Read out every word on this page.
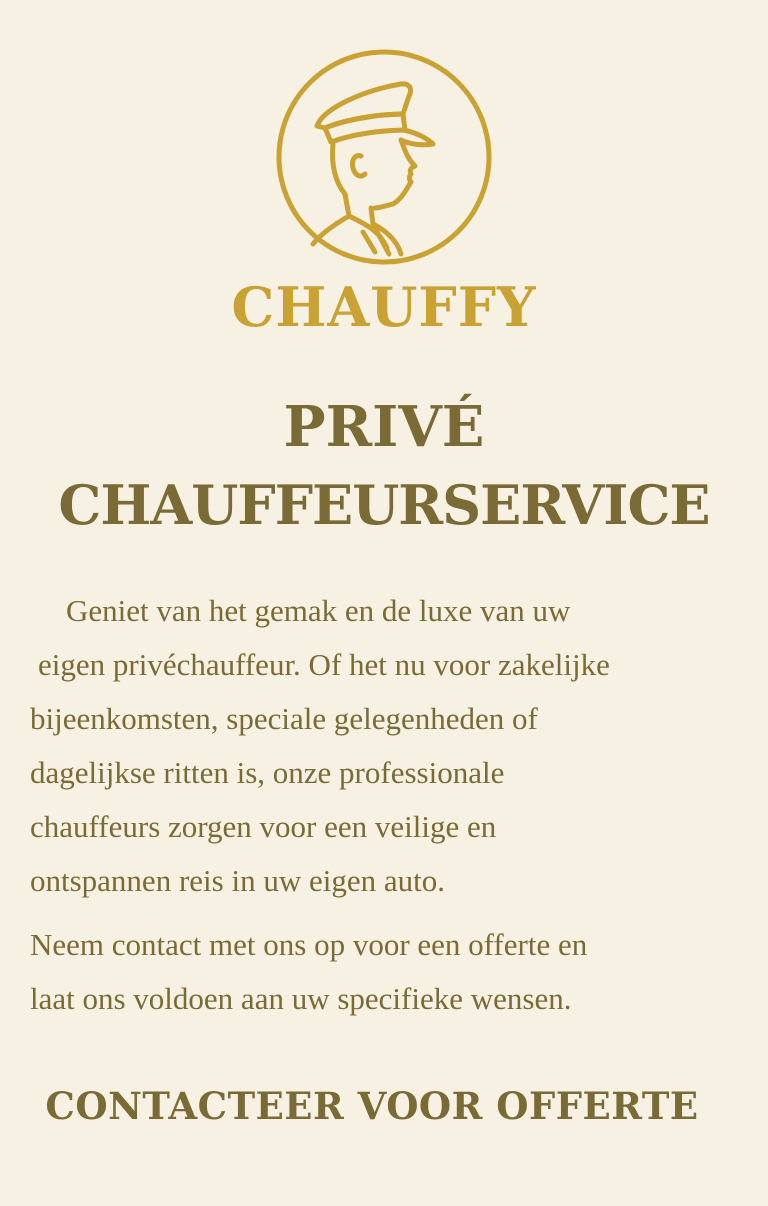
CHAUFFY
PRIVÉ
CHAUFFEURSERVICE
Geniet van het gemak en de luxe van uw
eigen privéchauffeur. Of het nu voor zakelijke
bijeenkomsten, speciale gelegenheden of
dagelijkse ritten is, onze professionale
chauffeurs zorgen voor een veilige en
ontspannen reis in uw eigen auto.
Neem contact met ons op voor een offerte en
laat ons voldoen aan uw specifieke wensen.
CONTACTEER VOOR OFFERTE
